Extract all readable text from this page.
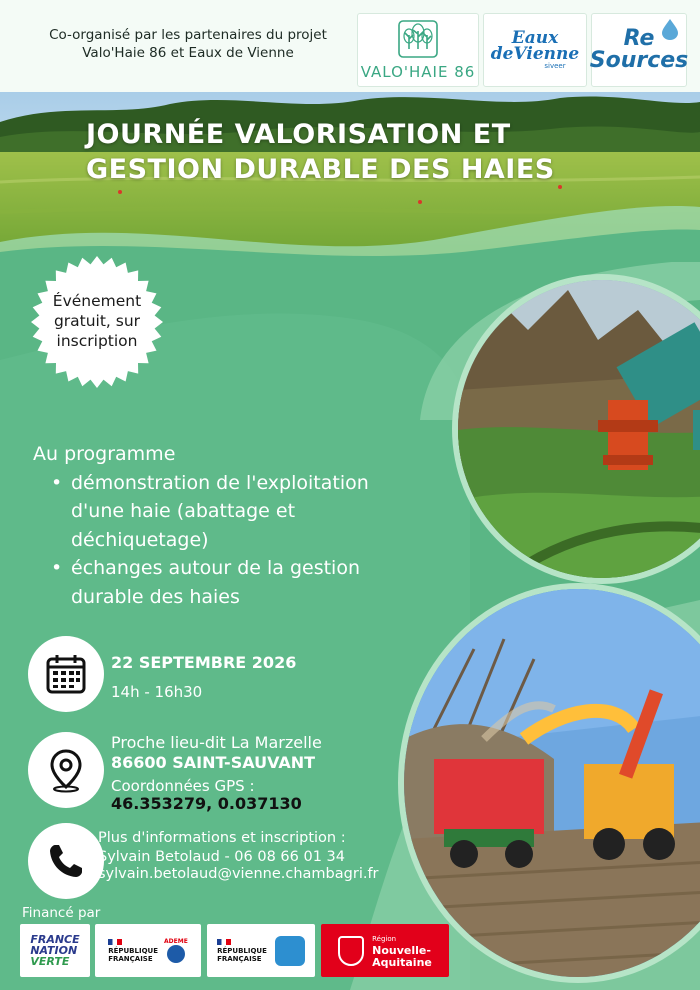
Co-organisé par les partenaires du projet
Valo'Haie 86 et Eaux de Vienne
VALO'HAIE 86
Eaux
deVienne
siveer
Re
Sources
JOURNÉE VALORISATION ET
GESTION DURABLE DES HAIES
Événement
gratuit, sur
inscription
Au programme
• démonstration de l'exploitation
d'une haie (abattage et
déchiquetage)
• échanges autour de la gestion
durable des haies
22 SEPTEMBRE 2026
14h - 16h30
Proche lieu-dit La Marzelle
86600 SAINT-SAUVANT
Coordonnées GPS :
46.353279, 0.037130
Plus d'informations et inscription :
Sylvain Betolaud - 06 08 66 01 34
sylvain.betolaud@vienne.chambagri.fr
Financé par
FRANCE
NATION
VERTE
RÉPUBLIQUE
FRANÇAISE
ADEME
RÉPUBLIQUE
FRANÇAISE
Région
Nouvelle-
Aquitaine
